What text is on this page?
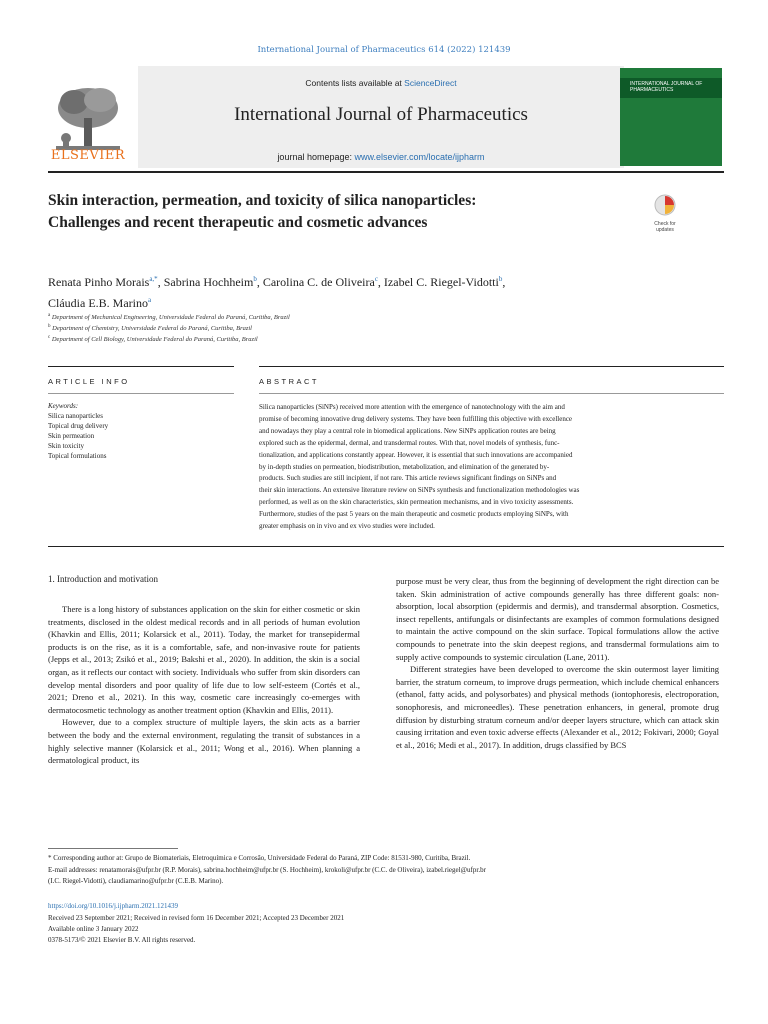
International Journal of Pharmaceutics 614 (2022) 121439
ELSEVIER
Contents lists available at ScienceDirect
International Journal of Pharmaceutics
journal homepage: www.elsevier.com/locate/ijpharm
INTERNATIONAL JOURNAL OF
PHARMACEUTICS
Skin interaction, permeation, and toxicity of silica nanoparticles:
Challenges and recent therapeutic and cosmetic advances	Check for
updates
Renata Pinho Morais$^{a,*}$, Sabrina Hochheim$^b$, Carolina C. de Oliveira$^c$, Izabel C. Riegel-Vidotti$^b$,
Cláudia E.B. Marino$^a$
$^a$ Department of Mechanical Engineering, Universidade Federal do Paraná, Curitiba, Brazil
$^b$ Department of Chemistry, Universidade Federal do Paraná, Curitiba, Brazil
$^c$ Department of Cell Biology, Universidade Federal do Paraná, Curitiba, Brazil
ARTICLE INFO	ABSTRACT
Keywords:
Silica nanoparticles
Topical drug delivery
Skin permeation
Skin toxicity
Topical formulations
Silica nanoparticles (SiNPs) received more attention with the emergence of nanotechnology with the aim and
promise of becoming innovative drug delivery systems. They have been fulfilling this objective with excellence
and nowadays they play a central role in biomedical applications. New SiNPs application routes are being
explored such as the epidermal, dermal, and transdermal routes. With that, novel models of synthesis, func-
tionalization, and applications constantly appear. However, it is essential that such innovations are accompanied
by in-depth studies on permeation, biodistribution, metabolization, and elimination of the generated by-
products. Such studies are still incipient, if not rare. This article reviews significant findings on SiNPs and
their skin interactions. An extensive literature review on SiNPs synthesis and functionalization methodologies was
performed, as well as on the skin characteristics, skin permeation mechanisms, and in vivo toxicity assessments.
Furthermore, studies of the past 5 years on the main therapeutic and cosmetic products employing SiNPs, with
greater emphasis on in vivo and ex vivo studies were included.
1. Introduction and motivation

There is a long history of substances application on the skin for either cosmetic or skin treatments, disclosed in the oldest medical records and in all periods of human evolution (Khavkin and Ellis, 2011; Kolarsick et al., 2011). Today, the market for transepidermal products is on the rise, as it is a comfortable, safe, and non-invasive route for patients (Jepps et al., 2013; Zsikó et al., 2019; Bakshi et al., 2020). In addition, the skin is a social organ, as it reflects our contact with society. Individuals who suffer from skin disorders can develop mental disorders and poor quality of life due to low self-esteem (Cortés et al., 2021; Dreno et al., 2021). In this way, cosmetic care increasingly co-emerges with dermatocosmetic technology as another treatment option (Khavkin and Ellis, 2011).

However, due to a complex structure of multiple layers, the skin acts as a barrier between the body and the external environment, regulating the transit of substances in a highly selective manner (Kolarsick et al., 2011; Wong et al., 2016). When planning a dermatological product, its

purpose must be very clear, thus from the beginning of development the right direction can be taken. Skin administration of active compounds generally has three different goals: non-absorption, local absorption (epidermis and dermis), and transdermal absorption. Cosmetics, insect repellents, antifungals or disinfectants are examples of common formulations designed to maintain the active compound on the skin surface. Topical formulations allow the active compounds to penetrate into the skin deepest regions, and transdermal formulations aim to supply active compounds to systemic circulation (Lane, 2011).

Different strategies have been developed to overcome the skin outermost layer limiting barrier, the stratum corneum, to improve drugs permeation, which include chemical enhancers (ethanol, fatty acids, and polysorbates) and physical methods (iontophoresis, electroporation, sonophoresis, and microneedles). These penetration enhancers, in general, promote drug diffusion by disturbing stratum corneum and/or deeper layers structure, which can attack skin causing irritation and even toxic adverse effects (Alexander et al., 2012; Fokivari, 2000; Goyal et al., 2016; Medi et al., 2017). In addition, drugs classified by BCS

* Corresponding author at: Grupo de Biomateriais, Eletroquímica e Corrosão, Universidade Federal do Paraná, ZIP Code: 81531-980, Curitiba, Brazil.
E-mail addresses: renatamorais@ufpr.br (R.P. Morais), sabrina.hochheim@ufpr.br (S. Hochheim), krokoli@ufpr.br (C.C. de Oliveira), izabel.riegel@ufpr.br
(I.C. Riegel-Vidotti), claudiamarino@ufpr.br (C.E.B. Marino).
https://doi.org/10.1016/j.ijpharm.2021.121439
Received 23 September 2021; Received in revised form 16 December 2021; Accepted 23 December 2021
Available online 3 January 2022
0378-5173/© 2021 Elsevier B.V. All rights reserved.
